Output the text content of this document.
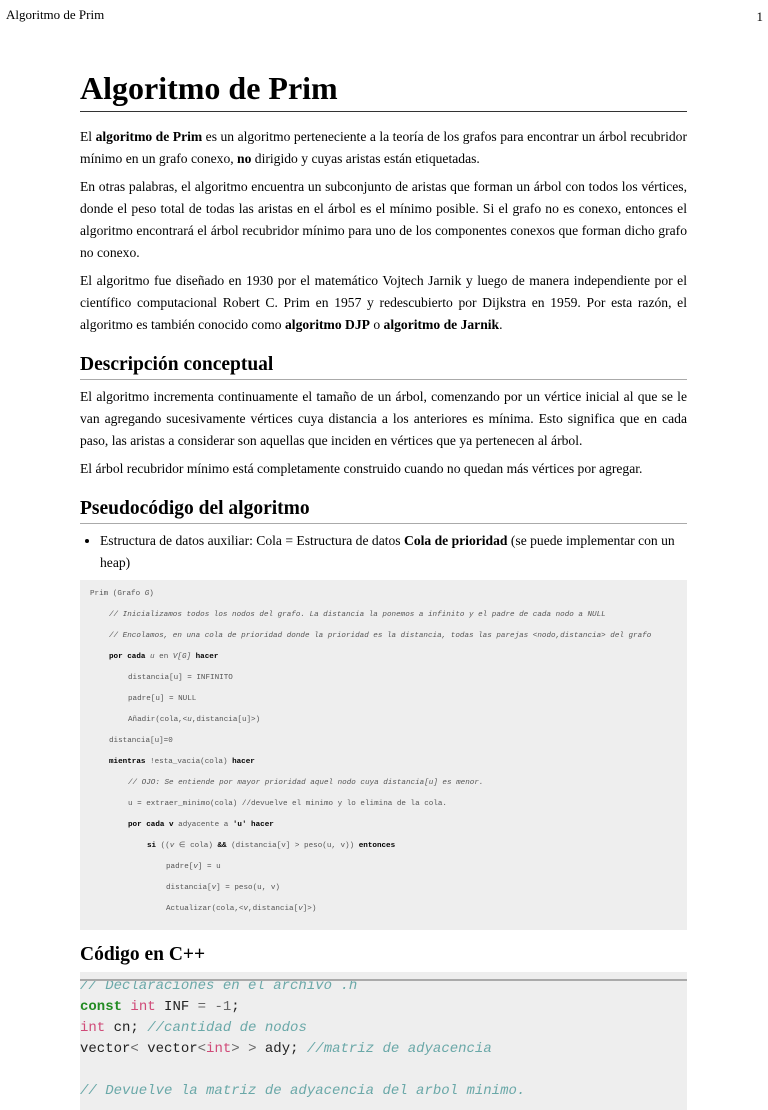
Algoritmo de Prim	1
Algoritmo de Prim

El algoritmo de Prim es un algoritmo perteneciente a la teoría de los grafos para encontrar un árbol recubridor mínimo en un grafo conexo, no dirigido y cuyas aristas están etiquetadas.

En otras palabras, el algoritmo encuentra un subconjunto de aristas que forman un árbol con todos los vértices, donde el peso total de todas las aristas en el árbol es el mínimo posible. Si el grafo no es conexo, entonces el algoritmo encontrará el árbol recubridor mínimo para uno de los componentes conexos que forman dicho grafo no conexo.

El algoritmo fue diseñado en 1930 por el matemático Vojtech Jarnik y luego de manera independiente por el científico computacional Robert C. Prim en 1957 y redescubierto por Dijkstra en 1959. Por esta razón, el algoritmo es también conocido como algoritmo DJP o algoritmo de Jarnik.

Descripción conceptual

El algoritmo incrementa continuamente el tamaño de un árbol, comenzando por un vértice inicial al que se le van agregando sucesivamente vértices cuya distancia a los anteriores es mínima. Esto significa que en cada paso, las aristas a considerar son aquellas que inciden en vértices que ya pertenecen al árbol.

El árbol recubridor mínimo está completamente construido cuando no quedan más vértices por agregar.

Pseudocódigo del algoritmo
• Estructura de datos auxiliar: Cola = Estructura de datos Cola de prioridad (se puede implementar con un heap)
Prim (Grafo G)
// Inicializamos todos los nodos del grafo. La distancia la ponemos a infinito y el padre de cada nodo a NULL
// Encolamos, en una cola de prioridad donde la prioridad es la distancia, todas las parejas <nodo,distancia> del grafo
por cada u en V[G] hacer
distancia[u] = INFINITO
padre[u] = NULL
Añadir(cola,<u,distancia[u]>)
distancia[u]=0
mientras !esta_vacia(cola) hacer
// OJO: Se entiende por mayor prioridad aquel nodo cuya distancia[u] es menor.
u = extraer_minimo(cola) //devuelve el minimo y lo elimina de la cola.
por cada v adyacente a 'u' hacer
si ((v ∈ cola) && (distancia[v] > peso(u, v)) entonces
padre[v] = u
distancia[v] = peso(u, v)
Actualizar(cola,<v,distancia[v]>)
Código en C++
// Declaraciones en el archivo .h
const int INF = -1;
int cn; //cantidad de nodos
vector< vector<int> > ady; //matriz de adyacencia

// Devuelve la matriz de adyacencia del arbol minimo.
